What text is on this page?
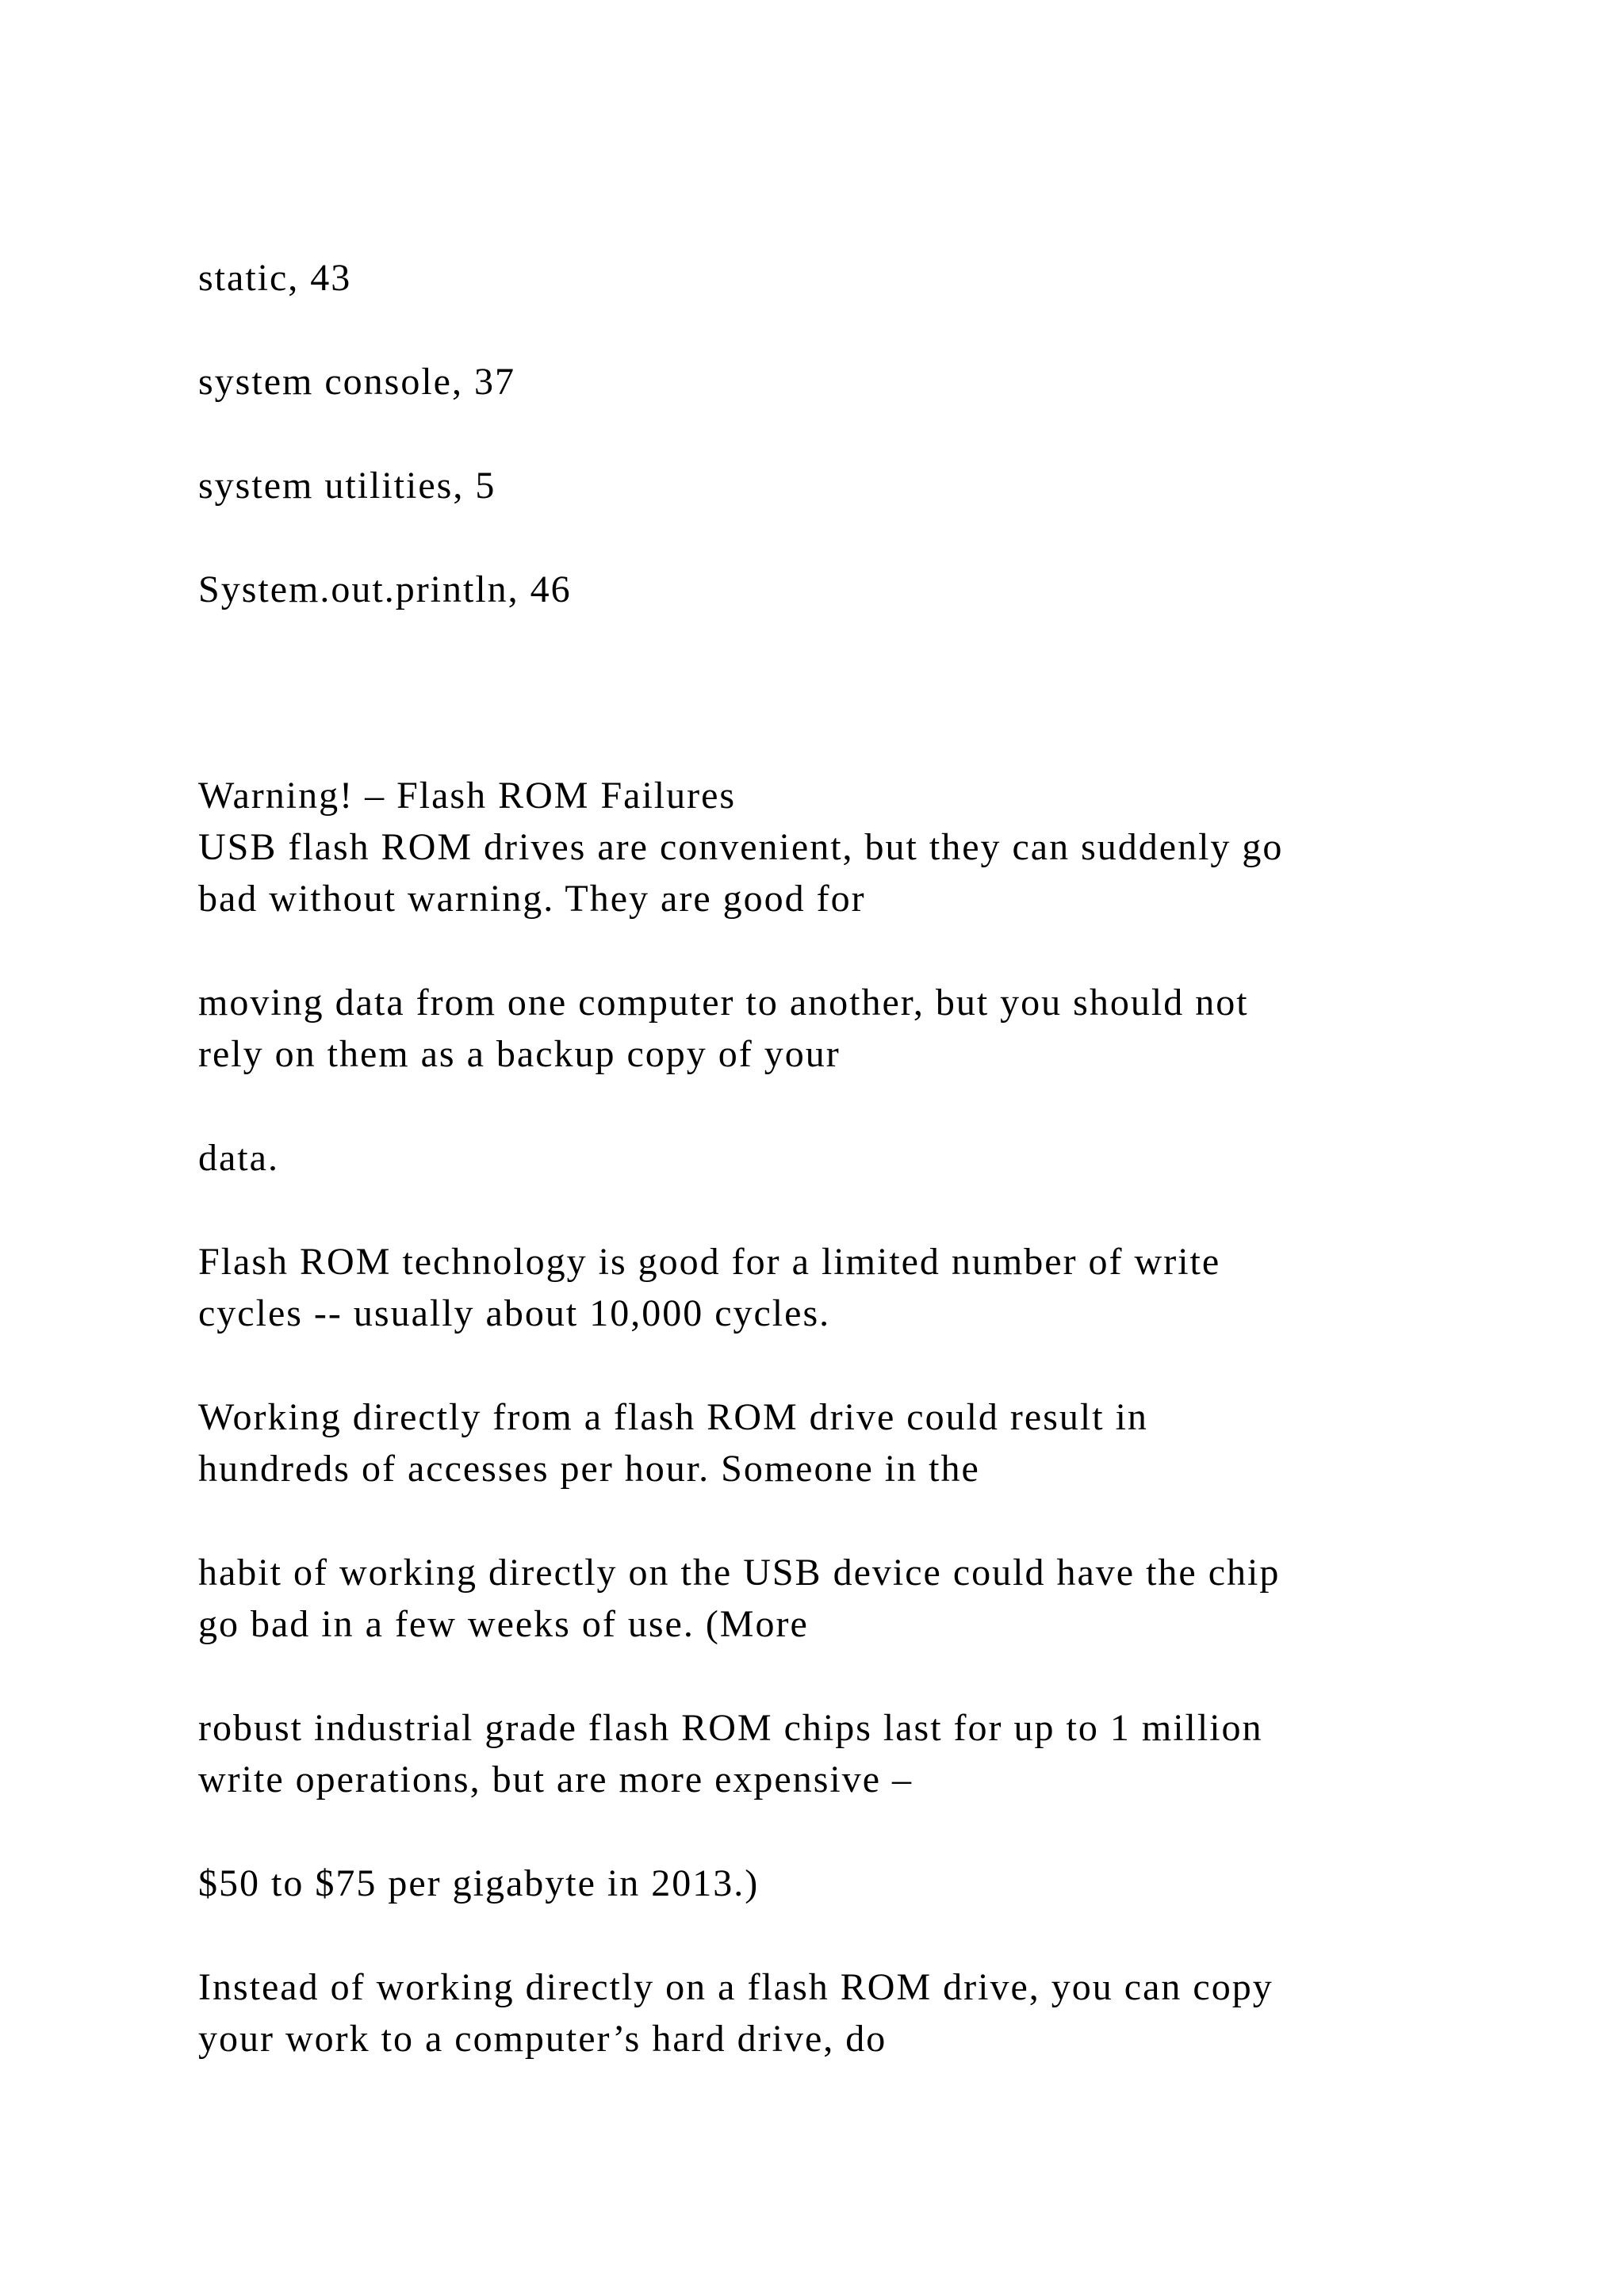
static, 43
system console, 37
system utilities, 5
System.out.println, 46
Warning! – Flash ROM Failures
USB flash ROM drives are convenient, but they can suddenly go
bad without warning. They are good for
moving data from one computer to another, but you should not
rely on them as a backup copy of your
data.
Flash ROM technology is good for a limited number of write
cycles -- usually about 10,000 cycles.
Working directly from a flash ROM drive could result in
hundreds of accesses per hour. Someone in the
habit of working directly on the USB device could have the chip
go bad in a few weeks of use. (More
robust industrial grade flash ROM chips last for up to 1 million
write operations, but are more expensive –
$50 to $75 per gigabyte in 2013.)
Instead of working directly on a flash ROM drive, you can copy
your work to a computer’s hard drive, do
